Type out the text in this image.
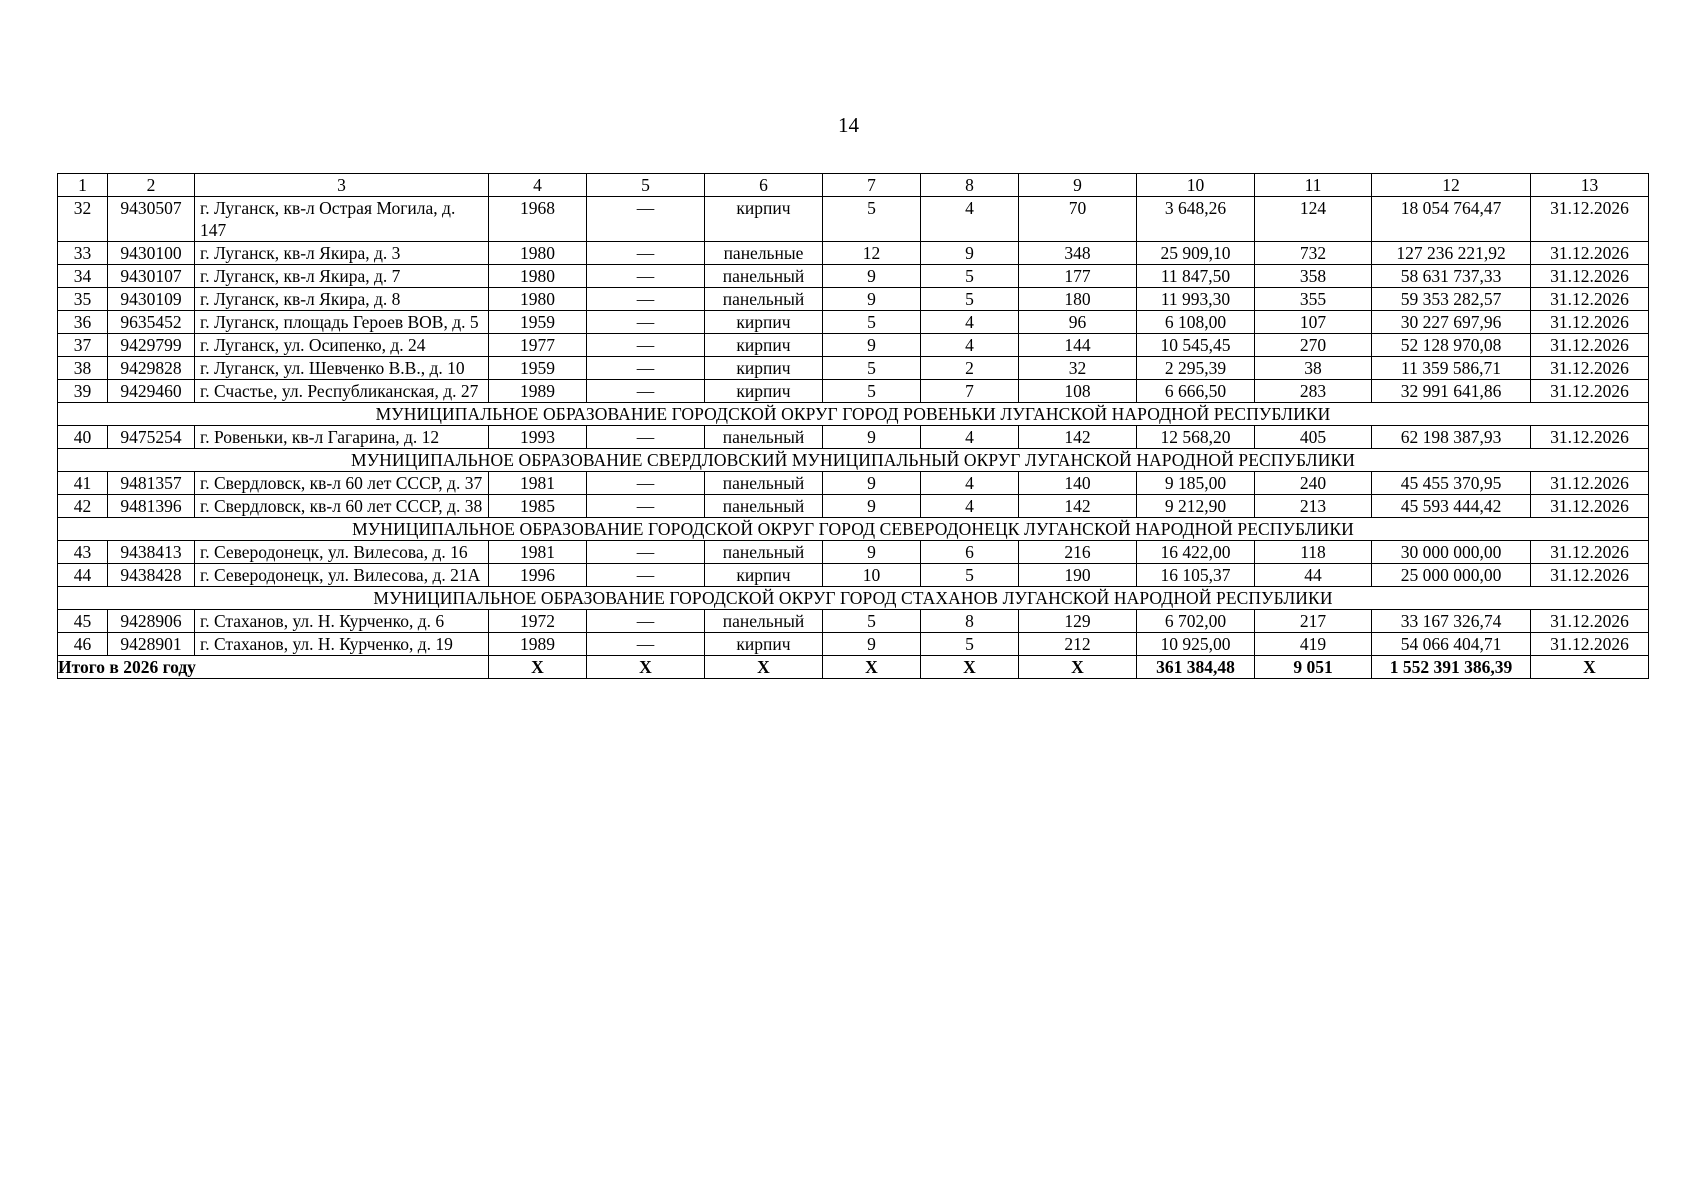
14
1	2	3	4	5	6	7	8	9	10	11	12	13
32	9430507	г. Луганск, кв-л Острая Могила, д. 147	1968	—	кирпич	5	4	70	3 648,26	124	18 054 764,47	31.12.2026
33	9430100	г. Луганск, кв-л Якира, д. 3	1980	—	панельные	12	9	348	25 909,10	732	127 236 221,92	31.12.2026
34	9430107	г. Луганск, кв-л Якира, д. 7	1980	—	панельный	9	5	177	11 847,50	358	58 631 737,33	31.12.2026
35	9430109	г. Луганск, кв-л Якира, д. 8	1980	—	панельный	9	5	180	11 993,30	355	59 353 282,57	31.12.2026
36	9635452	г. Луганск, площадь Героев ВОВ, д. 5	1959	—	кирпич	5	4	96	6 108,00	107	30 227 697,96	31.12.2026
37	9429799	г. Луганск, ул. Осипенко, д. 24	1977	—	кирпич	9	4	144	10 545,45	270	52 128 970,08	31.12.2026
38	9429828	г. Луганск, ул. Шевченко В.В., д. 10	1959	—	кирпич	5	2	32	2 295,39	38	11 359 586,71	31.12.2026
39	9429460	г. Счастье, ул. Республиканская, д. 27	1989	—	кирпич	5	7	108	6 666,50	283	32 991 641,86	31.12.2026
МУНИЦИПАЛЬНОЕ ОБРАЗОВАНИЕ ГОРОДСКОЙ ОКРУГ ГОРОД РОВЕНЬКИ ЛУГАНСКОЙ НАРОДНОЙ РЕСПУБЛИКИ												
40	9475254	г. Ровеньки, кв-л Гагарина, д. 12	1993	—	панельный	9	4	142	12 568,20	405	62 198 387,93	31.12.2026
МУНИЦИПАЛЬНОЕ ОБРАЗОВАНИЕ СВЕРДЛОВСКИЙ МУНИЦИПАЛЬНЫЙ ОКРУГ ЛУГАНСКОЙ НАРОДНОЙ РЕСПУБЛИКИ												
41	9481357	г. Свердловск, кв-л 60 лет СССР, д. 37	1981	—	панельный	9	4	140	9 185,00	240	45 455 370,95	31.12.2026
42	9481396	г. Свердловск, кв-л 60 лет СССР, д. 38	1985	—	панельный	9	4	142	9 212,90	213	45 593 444,42	31.12.2026
МУНИЦИПАЛЬНОЕ ОБРАЗОВАНИЕ ГОРОДСКОЙ ОКРУГ ГОРОД СЕВЕРОДОНЕЦК ЛУГАНСКОЙ НАРОДНОЙ РЕСПУБЛИКИ												
43	9438413	г. Северодонецк, ул. Вилесова, д. 16	1981	—	панельный	9	6	216	16 422,00	118	30 000 000,00	31.12.2026
44	9438428	г. Северодонецк, ул. Вилесова, д. 21А	1996	—	кирпич	10	5	190	16 105,37	44	25 000 000,00	31.12.2026
МУНИЦИПАЛЬНОЕ ОБРАЗОВАНИЕ ГОРОДСКОЙ ОКРУГ ГОРОД СТАХАНОВ ЛУГАНСКОЙ НАРОДНОЙ РЕСПУБЛИКИ												
45	9428906	г. Стаханов, ул. Н. Курченко, д. 6	1972	—	панельный	5	8	129	6 702,00	217	33 167 326,74	31.12.2026
46	9428901	г. Стаханов, ул. Н. Курченко, д. 19	1989	—	кирпич	9	5	212	10 925,00	419	54 066 404,71	31.12.2026
Итого в 2026 году			Х	Х	Х	Х	Х	Х	361 384,48	9 051	1 552 391 386,39	Х
